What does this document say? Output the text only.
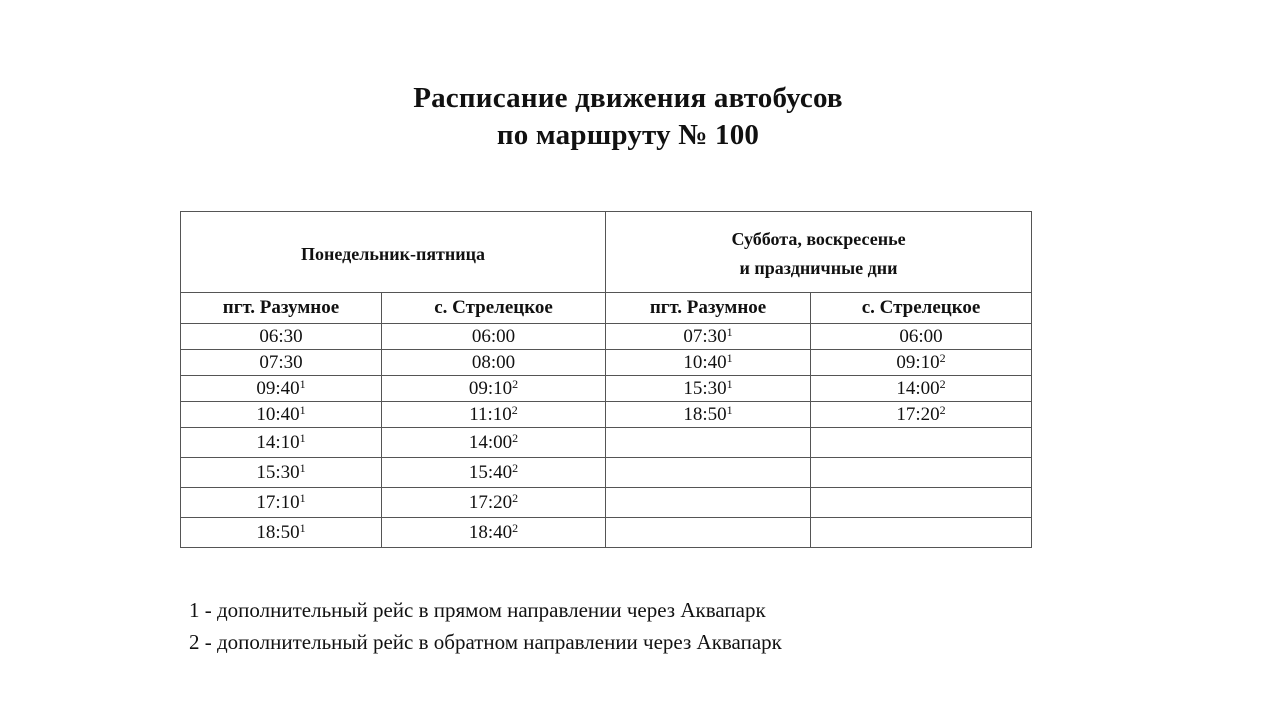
Расписание движения автобусов
по маршруту № 100
Понедельник-пятница		Суббота, воскресенье
и праздничные дни	

пгт. Разумное	с. Стрелецкое	пгт. Разумное	с. Стрелецкое
06:30	06:00	$07:30^1$	06:00
07:30	08:00	$10:40^1$	$09:10^2$
$09:40^1$	$09:10^2$	$15:30^1$	$14:00^2$
$10:40^1$	$11:10^2$	$18:50^1$	$17:20^2$
$14:10^1$	$14:00^2$		
$15:30^1$	$15:40^2$		
$17:10^1$	$17:20^2$		
$18:50^1$	$18:40^2$		
1 - дополнительный рейс в прямом направлении через Аквапарк
2 - дополнительный рейс в обратном направлении через Аквапарк
